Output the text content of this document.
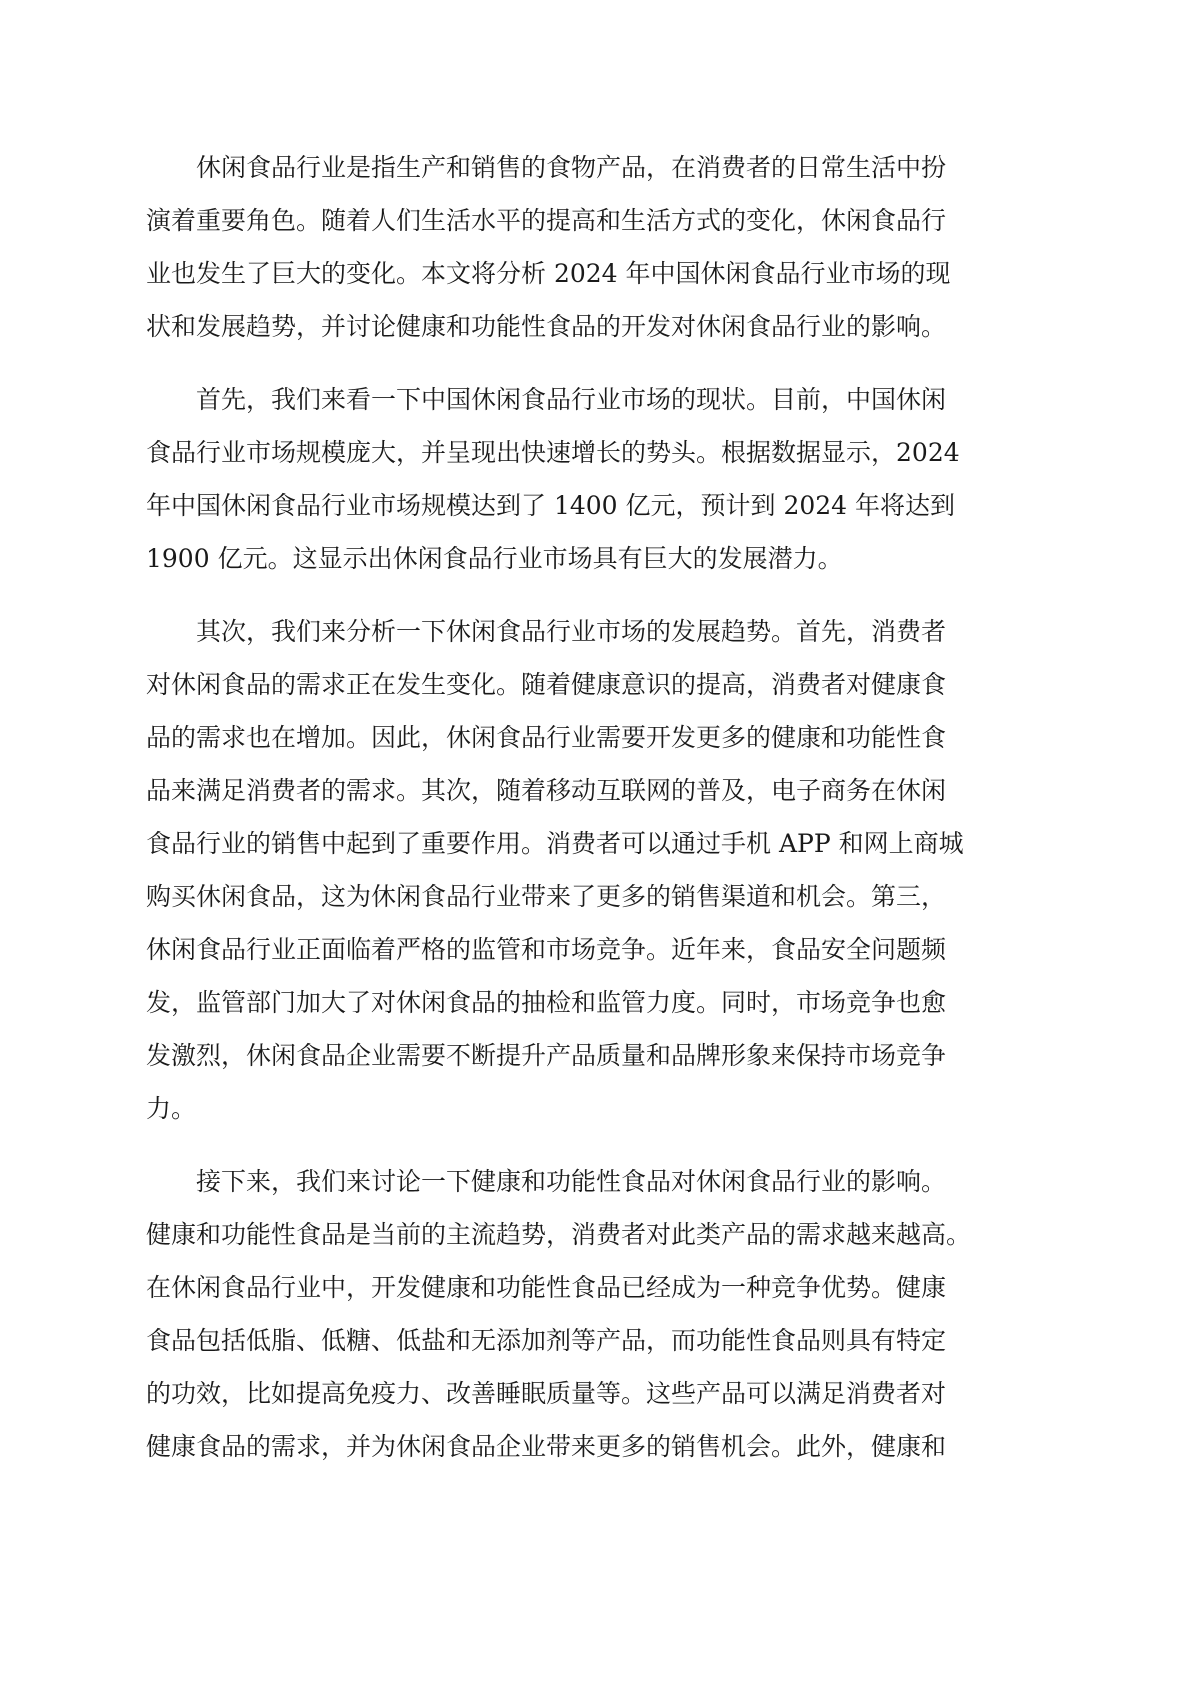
休闲食品行业是指生产和销售的食物产品，在消费者的日常生活中扮
演着重要角色。随着人们生活水平的提高和生活方式的变化，休闲食品行
业也发生了巨大的变化。本文将分析 2024 年中国休闲食品行业市场的现
状和发展趋势，并讨论健康和功能性食品的开发对休闲食品行业的影响。

首先，我们来看一下中国休闲食品行业市场的现状。目前，中国休闲
食品行业市场规模庞大，并呈现出快速增长的势头。根据数据显示，2024
年中国休闲食品行业市场规模达到了 1400 亿元，预计到 2024 年将达到
1900 亿元。这显示出休闲食品行业市场具有巨大的发展潜力。

其次，我们来分析一下休闲食品行业市场的发展趋势。首先，消费者
对休闲食品的需求正在发生变化。随着健康意识的提高，消费者对健康食
品的需求也在增加。因此，休闲食品行业需要开发更多的健康和功能性食
品来满足消费者的需求。其次，随着移动互联网的普及，电子商务在休闲
食品行业的销售中起到了重要作用。消费者可以通过手机 APP 和网上商城
购买休闲食品，这为休闲食品行业带来了更多的销售渠道和机会。第三，
休闲食品行业正面临着严格的监管和市场竞争。近年来，食品安全问题频
发，监管部门加大了对休闲食品的抽检和监管力度。同时，市场竞争也愈
发激烈，休闲食品企业需要不断提升产品质量和品牌形象来保持市场竞争
力。

接下来，我们来讨论一下健康和功能性食品对休闲食品行业的影响。
健康和功能性食品是当前的主流趋势，消费者对此类产品的需求越来越高。
在休闲食品行业中，开发健康和功能性食品已经成为一种竞争优势。健康
食品包括低脂、低糖、低盐和无添加剂等产品，而功能性食品则具有特定
的功效，比如提高免疫力、改善睡眠质量等。这些产品可以满足消费者对
健康食品的需求，并为休闲食品企业带来更多的销售机会。此外，健康和
